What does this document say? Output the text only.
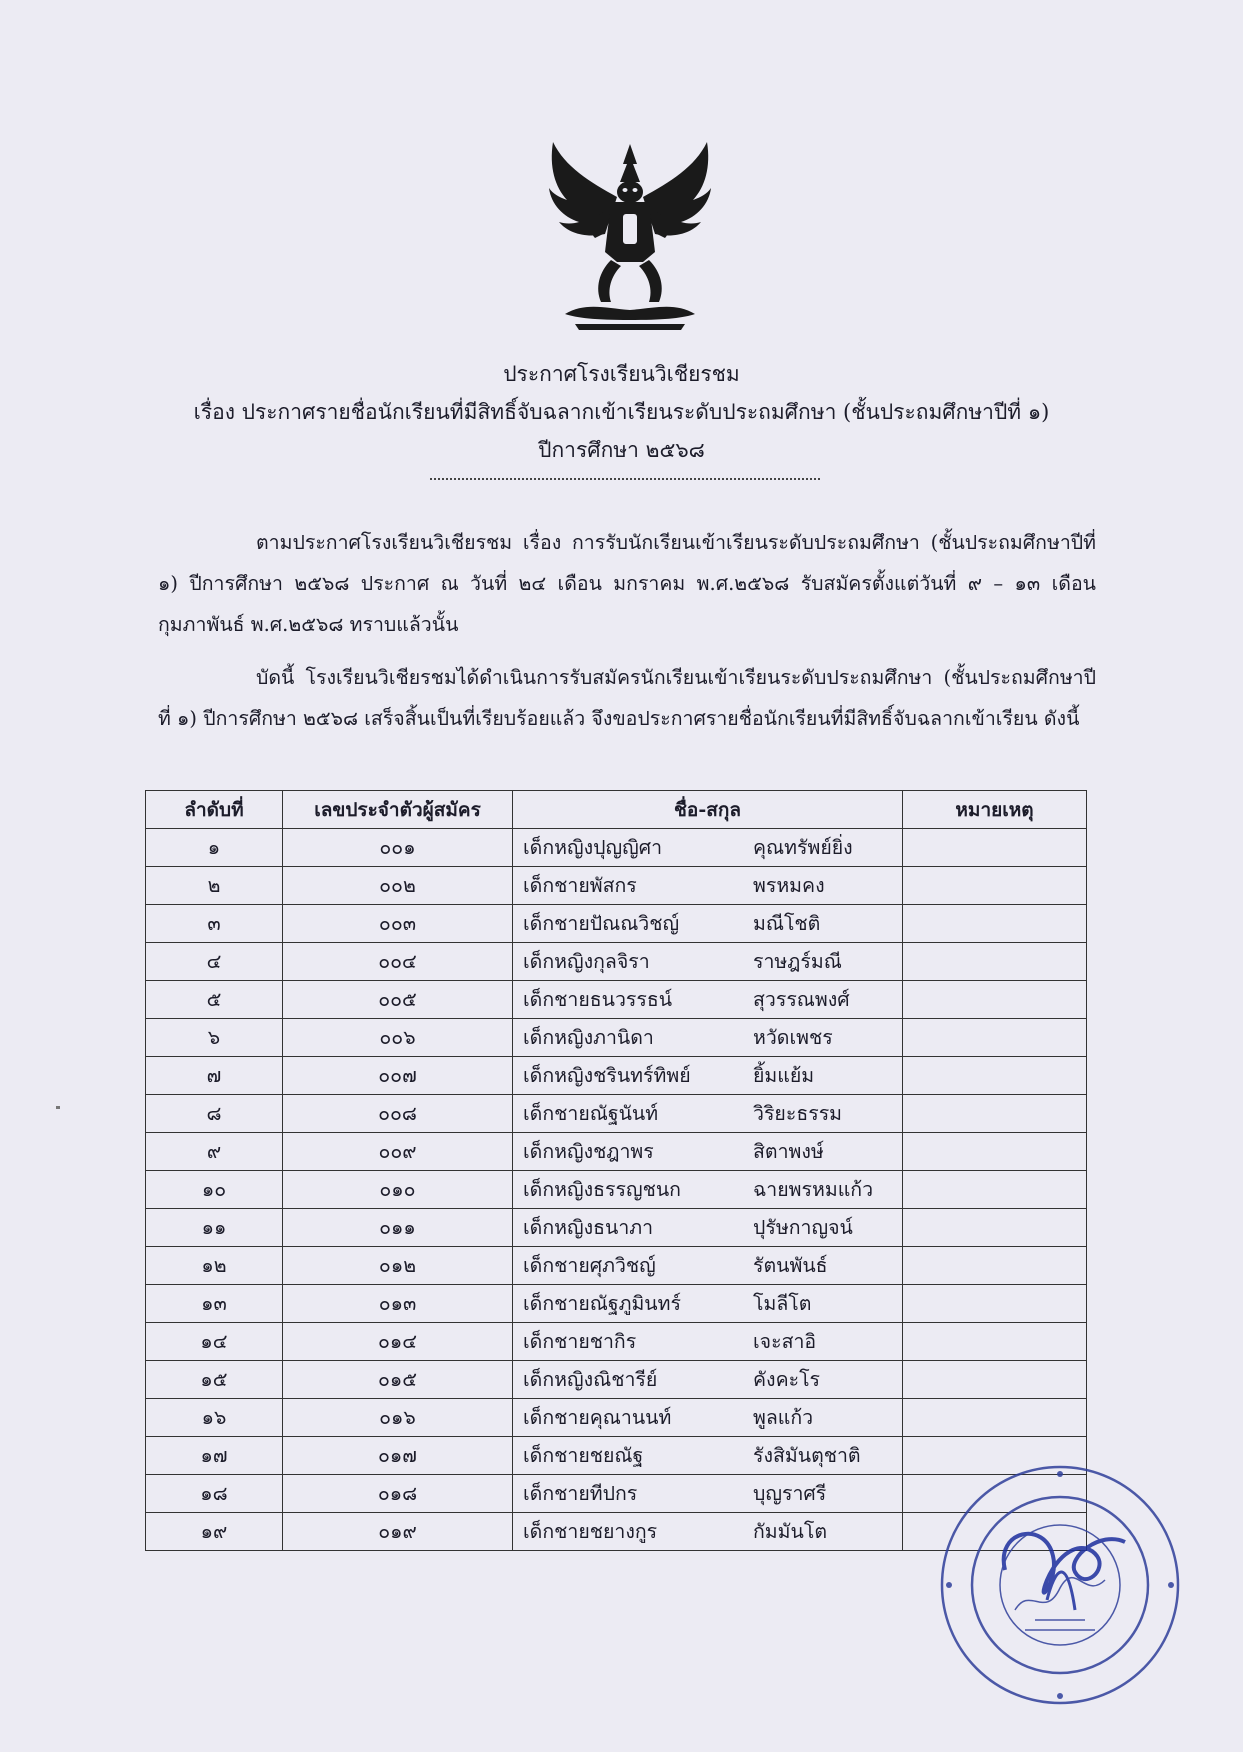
ประกาศโรงเรียนวิเชียรชม
เรื่อง ประกาศรายชื่อนักเรียนที่มีสิทธิ์จับฉลากเข้าเรียนระดับประถมศึกษา (ชั้นประถมศึกษาปีที่ ๑)
ปีการศึกษา ๒๕๖๘

ตามประกาศโรงเรียนวิเชียรชม เรื่อง การรับนักเรียนเข้าเรียนระดับประถมศึกษา (ชั้นประถมศึกษาปีที่ ๑) ปีการศึกษา ๒๕๖๘ ประกาศ ณ วันที่ ๒๔ เดือน มกราคม พ.ศ.๒๕๖๘ รับสมัครตั้งแต่วันที่ ๙ – ๑๓ เดือน กุมภาพันธ์ พ.ศ.๒๕๖๘ ทราบแล้วนั้น

บัดนี้ โรงเรียนวิเชียรชมได้ดำเนินการรับสมัครนักเรียนเข้าเรียนระดับประถมศึกษา (ชั้นประถมศึกษาปีที่ ๑) ปีการศึกษา ๒๕๖๘ เสร็จสิ้นเป็นที่เรียบร้อยแล้ว จึงขอประกาศรายชื่อนักเรียนที่มีสิทธิ์จับฉลากเข้าเรียน ดังนี้

ลำดับที่	เลขประจำตัวผู้สมัคร	ชื่อ-สกุล	หมายเหตุ
๑	๐๐๑	เด็กหญิงปุญญิศา คุณทรัพย์ยิ่ง	
๒	๐๐๒	เด็กชายพัสกร พรหมคง	
๓	๐๐๓	เด็กชายปัณณวิชญ์ มณีโชติ	
๔	๐๐๔	เด็กหญิงกุลจิรา ราษฎร์มณี	
๕	๐๐๕	เด็กชายธนวรรธน์ สุวรรณพงศ์	
๖	๐๐๖	เด็กหญิงภานิดา หวัดเพชร	
๗	๐๐๗	เด็กหญิงชรินทร์ทิพย์ ยิ้มแย้ม	
๘	๐๐๘	เด็กชายณัฐนันท์ วิริยะธรรม	
๙	๐๐๙	เด็กหญิงชฎาพร สิตาพงษ์	
๑๐	๐๑๐	เด็กหญิงธรรญชนก ฉายพรหมแก้ว	
๑๑	๐๑๑	เด็กหญิงธนาภา ปุรัษกาญจน์	
๑๒	๐๑๒	เด็กชายศุภวิชญ์ รัตนพันธ์	
๑๓	๐๑๓	เด็กชายณัฐภูมินทร์ โมลีโต	
๑๔	๐๑๔	เด็กชายชากิร เจะสาอิ	
๑๕	๐๑๕	เด็กหญิงณิชารีย์ คังคะโร	
๑๖	๐๑๖	เด็กชายคุณานนท์ พูลแก้ว	
๑๗	๐๑๗	เด็กชายชยณัฐ รังสิมันตุชาติ	
๑๘	๐๑๘	เด็กชายทีปกร บุญราศรี	
๑๙	๐๑๙	เด็กชายชยางกูร กัมมันโต	
